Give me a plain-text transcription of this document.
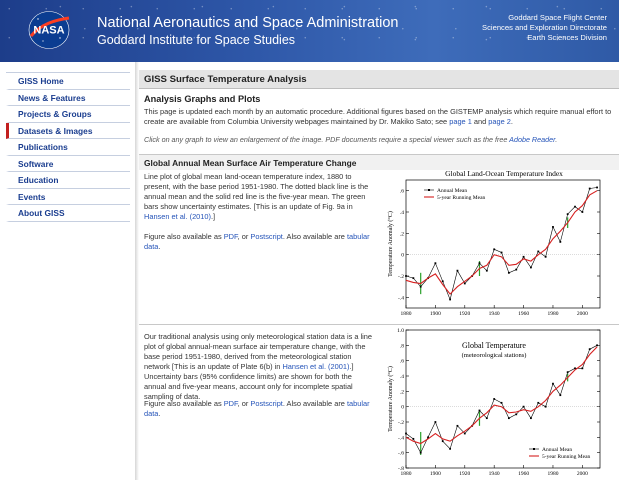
NASA National Aeronautics and Space Administration
Goddard Institute for Space Studies
Goddard Space Flight Center
Sciences and Exploration Directorate
Earth Sciences Division
GISS Home
News & Features
Projects & Groups
Datasets & Images
Publications
Software
Education
Events
About GISS
GISS Surface Temperature Analysis
Analysis Graphs and Plots
This page is updated each month by an automatic procedure. Additional figures based on the GISTEMP analysis which require manual effort to create are available from Columbia University webpages maintained by Dr. Makiko Sato; see page 1 and page 2.
Click on any graph to view an enlargement of the image. PDF documents require a special viewer such as the free Adobe Reader.
Global Annual Mean Surface Air Temperature Change
Line plot of global mean land-ocean temperature index, 1880 to present, with the base period 1951-1980. The dotted black line is the annual mean and the solid red line is the five-year mean. The green bars show uncertainty estimates. [This is an update of Fig. 9a in Hansen et al. (2010).]
Figure also available as PDF, or Postscript. Also available are tabular data.
-.4
-.2
0
.2
.4
.6
1880	1900	1920	1940	1960	1980	2000
Temperature Anomaly (°C)
Global Land-Ocean Temperature Index
Annual Mean
5-year Running Mean
Our traditional analysis using only meteorological station data is a line plot of global annual-mean surface air temperature change, with the base period 1951-1980, derived from the meteorological station network [This is an update of Plate 6(b) in Hansen et al. (2001).] Uncertainty bars (95% confidence limits) are shown for both the annual and five-year means, account only for incomplete spatial sampling of data.
Figure also available as PDF, or Postscript. Also available are tabular data.
-.8
-.6
-.4
-.2
0
.2
.4
.6
.8
1.0
1880	1900	1920	1940	1960	1980	2000
Temperature Anomaly (°C)
Global Temperature
(meteorological stations)
Annual Mean
5-year Running Mean
